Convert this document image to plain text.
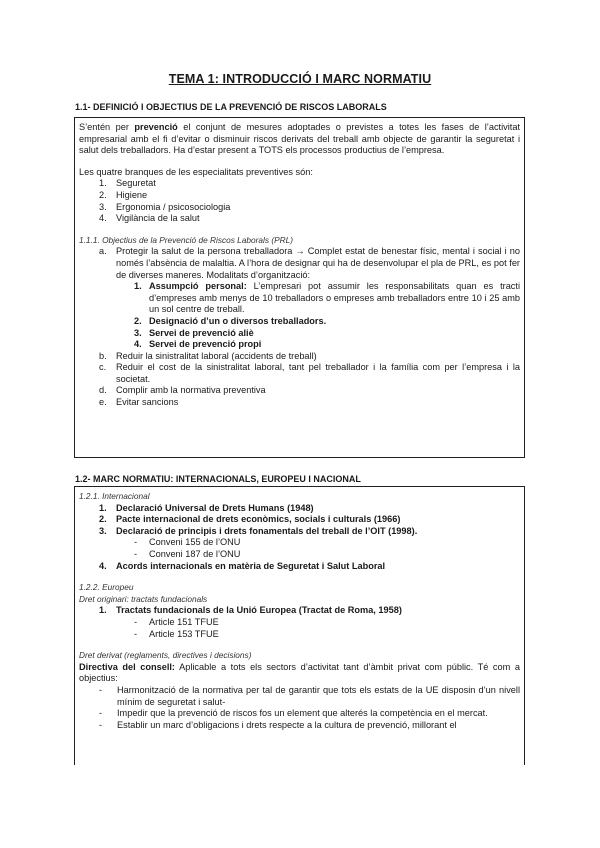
TEMA 1: INTRODUCCIÓ I MARC NORMATIU
1.1- DEFINICIÓ I OBJECTIUS DE LA PREVENCIÓ DE RISCOS LABORALS

S’entén per prevenció el conjunt de mesures adoptades o previstes a totes les fases de l’activitat empresarial amb el fi d’evitar o disminuir riscos derivats del treball amb objecte de garantir la seguretat i salut dels treballadors. Ha d’estar present a TOTS els processos productius de l’empresa.

Les quatre branques de les especialitats preventives són:

1.	Seguretat
2.	Higiene
3.	Ergonomia / psicosociologia
4.	Vigilància de la salut
1.1.1. Objectius de la Prevenció de Riscos Laborals (PRL)
a.	Protegir la salut de la persona treballadora → Complet estat de benestar físic, mental i social i no només l’absència de malaltia. A l’hora de designar qui ha de desenvolupar el pla de PRL, es pot fer de diverses maneres. Modalitats d’organització:
1. Assumpció personal: L’empresari pot assumir les responsabilitats quan es tracti d’empreses amb menys de 10 treballadors o empreses amb treballadors entre 10 i 25 amb un sol centre de treball.
2. Designació d’un o diversos treballadors.
3. Servei de prevenció aliè
4. Servei de prevenció propi
b.	Reduir la sinistralitat laboral (accidents de treball)
c.	Reduir el cost de la sinistralitat laboral, tant pel treballador i la família com per l’empresa i la societat.
d.	Complir amb la normativa preventiva
e.	Evitar sancions
1.2- MARC NORMATIU: INTERNACIONALS, EUROPEU I NACIONAL
1.2.1. Internacional
1.	Declaració Universal de Drets Humans (1948)
2.	Pacte internacional de drets econòmics, socials i culturals (1966)
3.	Declaració de principis i drets fonamentals del treball de l’OIT (1998).
-	Conveni 155 de l’ONU
-	Conveni 187 de l’ONU
4.	Acords internacionals en matèria de Seguretat i Salut Laboral
1.2.2. Europeu
Dret originari: tractats fundacionals
1.	Tractats fundacionals de la Unió Europea (Tractat de Roma, 1958)
-	Article 151 TFUE
-	Article 153 TFUE
Dret derivat (reglaments, directives i decisions)

Directiva del consell: Aplicable a tots els sectors d’activitat tant d’àmbit privat com públic. Té com a objectius:

-	Harmonització de la normativa per tal de garantir que tots els estats de la UE disposin d’un nivell mínim de seguretat i salut-
-	Impedir que la prevenció de riscos fos un element que alterés la competència en el mercat.
-	Establir un marc d’obligacions i drets respecte a la cultura de prevenció, millorant el
